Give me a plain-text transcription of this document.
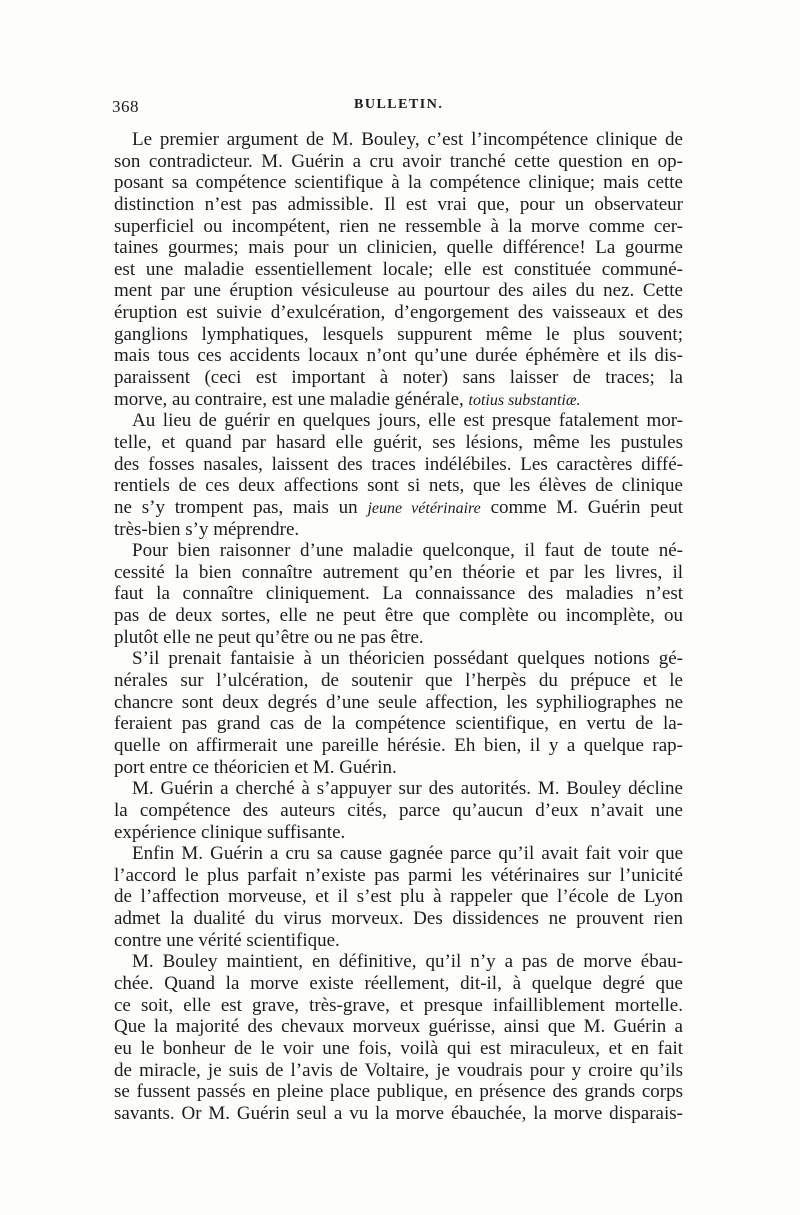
368	BULLETIN.
Le premier argument de M. Bouley, c’est l’incompétence clinique de
son contradicteur. M. Guérin a cru avoir tranché cette question en op-
posant sa compétence scientifique à la compétence clinique; mais cette
distinction n’est pas admissible. Il est vrai que, pour un observateur
superficiel ou incompétent, rien ne ressemble à la morve comme cer-
taines gourmes; mais pour un clinicien, quelle différence! La gourme
est une maladie essentiellement locale; elle est constituée communé-
ment par une éruption vésiculeuse au pourtour des ailes du nez. Cette
éruption est suivie d’exulcération, d’engorgement des vaisseaux et des
ganglions lymphatiques, lesquels suppurent même le plus souvent;
mais tous ces accidents locaux n’ont qu’une durée éphémère et ils dis-
paraissent (ceci est important à noter) sans laisser de traces; la
morve, au contraire, est une maladie générale, totius substantiæ.
Au lieu de guérir en quelques jours, elle est presque fatalement mor-
telle, et quand par hasard elle guérit, ses lésions, même les pustules
des fosses nasales, laissent des traces indélébiles. Les caractères diffé-
rentiels de ces deux affections sont si nets, que les élèves de clinique
ne s’y trompent pas, mais un jeune vétérinaire comme M. Guérin peut
très-bien s’y méprendre.
Pour bien raisonner d’une maladie quelconque, il faut de toute né-
cessité la bien connaître autrement qu’en théorie et par les livres, il
faut la connaître cliniquement. La connaissance des maladies n’est
pas de deux sortes, elle ne peut être que complète ou incomplète, ou
plutôt elle ne peut qu’être ou ne pas être.
S’il prenait fantaisie à un théoricien possédant quelques notions gé-
nérales sur l’ulcération, de soutenir que l’herpès du prépuce et le
chancre sont deux degrés d’une seule affection, les syphiliographes ne
feraient pas grand cas de la compétence scientifique, en vertu de la-
quelle on affirmerait une pareille hérésie. Eh bien, il y a quelque rap-
port entre ce théoricien et M. Guérin.
M. Guérin a cherché à s’appuyer sur des autorités. M. Bouley décline
la compétence des auteurs cités, parce qu’aucun d’eux n’avait une
expérience clinique suffisante.
Enfin M. Guérin a cru sa cause gagnée parce qu’il avait fait voir que
l’accord le plus parfait n’existe pas parmi les vétérinaires sur l’unicité
de l’affection morveuse, et il s’est plu à rappeler que l’école de Lyon
admet la dualité du virus morveux. Des dissidences ne prouvent rien
contre une vérité scientifique.
M. Bouley maintient, en définitive, qu’il n’y a pas de morve ébau-
chée. Quand la morve existe réellement, dit-il, à quelque degré que
ce soit, elle est grave, très-grave, et presque infailliblement mortelle.
Que la majorité des chevaux morveux guérisse, ainsi que M. Guérin a
eu le bonheur de le voir une fois, voilà qui est miraculeux, et en fait
de miracle, je suis de l’avis de Voltaire, je voudrais pour y croire qu’ils
se fussent passés en pleine place publique, en présence des grands corps
savants. Or M. Guérin seul a vu la morve ébauchée, la morve disparais-
